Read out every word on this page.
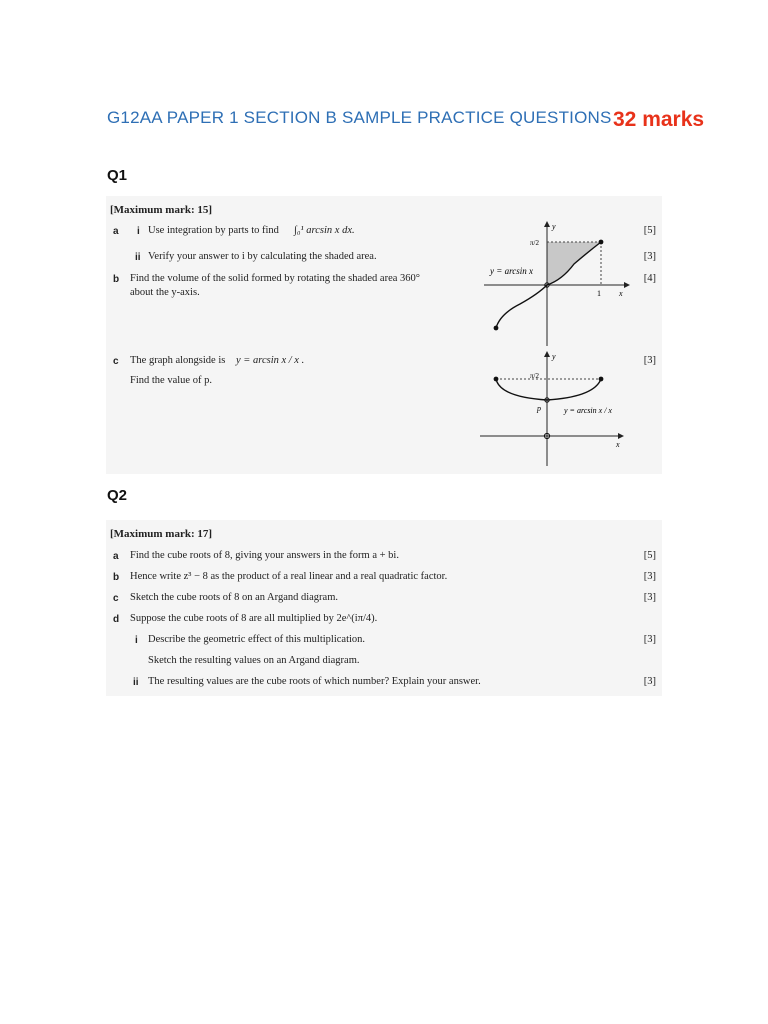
G12AA PAPER 1 SECTION B SAMPLE PRACTICE QUESTIONS 32 marks
Q1
[Maximum mark: 15]
a i Use integration by parts to find ∫₀¹ arcsin x dx.	[5]
ii Verify your answer to i by calculating the shaded area.	[3]
b Find the volume of the solid formed by rotating the shaded area 360°
about the y-axis.
[4]
c The graph alongside is y = arcsin x / x .
Find the value of p.
[3]
y = arcsin x
y
x
1
π/2
y
x
p
π/2
y = arcsin x / x
Q2
[Maximum mark: 17]
a Find the cube roots of 8, giving your answers in the form a + bi.	[5]
b Hence write z³ − 8 as the product of a real linear and a real quadratic factor.	[3]
c Sketch the cube roots of 8 on an Argand diagram.	[3]
d Suppose the cube roots of 8 are all multiplied by 2e^(iπ/4).
i Describe the geometric effect of this multiplication.	[3]
Sketch the resulting values on an Argand diagram.
ii The resulting values are the cube roots of which number? Explain your answer.	[3]
